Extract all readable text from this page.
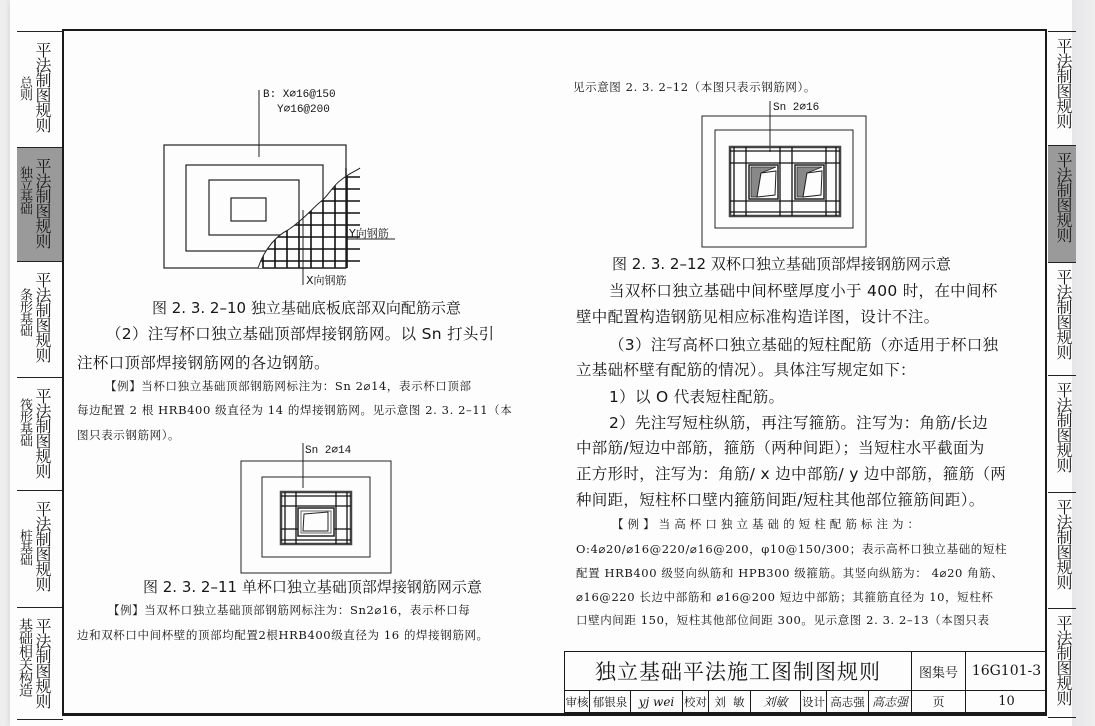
平法制图规则
总则
平法制图规则
独立基础
平法制图规则
条形基础
平法制图规则
筏形基础
平法制图规则
桩基础
平法制图规则
基础相关构造
平法制图规则
平法制图规则
平法制图规则
平法制图规则
平法制图规则
平法制图规则
B: X⌀16@150
Y⌀16@200
Y向钢筋
X向钢筋
图 2. 3. 2–10 独立基础底板底部双向配筋示意
（2）注写杯口独立基础顶部焊接钢筋网。以 Sn 打头引
注杯口顶部焊接钢筋网的各边钢筋。
【例】当杯口独立基础顶部钢筋网标注为：Sn 2⌀14，表示杯口顶部
每边配置 2 根 HRB400 级直径为 14 的焊接钢筋网。见示意图 2. 3. 2–11（本
图只表示钢筋网）。
Sn 2⌀14
图 2. 3. 2–11 单杯口独立基础顶部焊接钢筋网示意
【例】当双杯口独立基础顶部钢筋网标注为：Sn2⌀16，表示杯口每
边和双杯口中间杯壁的顶部均配置2根HRB400级直径为 16 的焊接钢筋网。
见示意图 2. 3. 2–12（本图只表示钢筋网）。
Sn 2⌀16
图 2. 3. 2–12 双杯口独立基础顶部焊接钢筋网示意
当双杯口独立基础中间杯壁厚度小于 400 时，在中间杯
壁中配置构造钢筋见相应标准构造详图，设计不注。
（3）注写高杯口独立基础的短柱配筋（亦适用于杯口独
立基础杯壁有配筋的情况）。具体注写规定如下：
1）以 O 代表短柱配筋。
2）先注写短柱纵筋，再注写箍筋。注写为：角筋/长边
中部筋/短边中部筋，箍筋（两种间距）；当短柱水平截面为
正方形时，注写为：角筋/ x 边中部筋/ y 边中部筋，箍筋（两
种间距，短柱杯口壁内箍筋间距/短柱其他部位箍筋间距）。
【 例 】 当 高 杯 口 独 立 基 础 的 短 柱 配 筋 标 注 为 ：
O:4⌀20/⌀16@220/⌀16@200，φ10@150/300；表示高杯口独立基础的短柱
配置 HRB400 级竖向纵筋和 HPB300 级箍筋。其竖向纵筋为： 4⌀20 角筋、
⌀16@220 长边中部筋和 ⌀16@200 短边中部筋；其箍筋直径为 10，短柱杯
口壁内间距 150，短柱其他部位间距 300。见示意图 2. 3. 2–13（本图只表
独立基础平法施工图制图规则	图集号 16G101-3
审核 郁银泉 yj wei 校对 刘  敏	刘敏	设计 高志强 高志强	页	10
